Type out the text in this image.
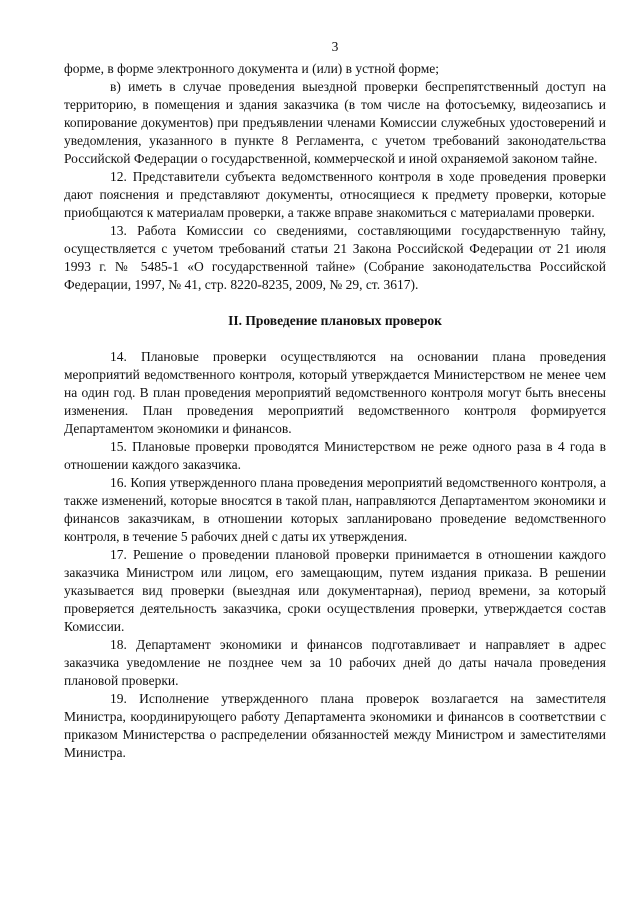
3

форме, в форме электронного документа и (или) в устной форме;

в) иметь в случае проведения выездной проверки беспрепятственный доступ на территорию, в помещения и здания заказчика (в том числе на фотосъемку, видеозапись и копирование документов) при предъявлении членами Комиссии служебных удостоверений и уведомления, указанного в пункте 8 Регламента, с учетом требований законодательства Российской Федерации о государственной, коммерческой и иной охраняемой законом тайне.

12. Представители субъекта ведомственного контроля в ходе проведения проверки дают пояснения и представляют документы, относящиеся к предмету проверки, которые приобщаются к материалам проверки, а также вправе знакомиться с материалами проверки.

13. Работа Комиссии со сведениями, составляющими государственную тайну, осуществляется с учетом требований статьи 21 Закона Российской Федерации от 21 июля 1993 г. № 5485-1 «О государственной тайне» (Собрание законодательства Российской Федерации, 1997, № 41, стр. 8220-8235, 2009, № 29, ст. 3617).

II. Проведение плановых проверок

14. Плановые проверки осуществляются на основании плана проведения мероприятий ведомственного контроля, который утверждается Министерством не менее чем на один год. В план проведения мероприятий ведомственного контроля могут быть внесены изменения. План проведения мероприятий ведомственного контроля формируется Департаментом экономики и финансов.

15. Плановые проверки проводятся Министерством не реже одного раза в 4 года в отношении каждого заказчика.

16. Копия утвержденного плана проведения мероприятий ведомственного контроля, а также изменений, которые вносятся в такой план, направляются Департаментом экономики и финансов заказчикам, в отношении которых запланировано проведение ведомственного контроля, в течение 5 рабочих дней с даты их утверждения.

17. Решение о проведении плановой проверки принимается в отношении каждого заказчика Министром или лицом, его замещающим, путем издания приказа. В решении указывается вид проверки (выездная или документарная), период времени, за который проверяется деятельность заказчика, сроки осуществления проверки, утверждается состав Комиссии.

18. Департамент экономики и финансов подготавливает и направляет в адрес заказчика уведомление не позднее чем за 10 рабочих дней до даты начала проведения плановой проверки.

19. Исполнение утвержденного плана проверок возлагается на заместителя Министра, координирующего работу Департамента экономики и финансов в соответствии с приказом Министерства о распределении обязанностей между Министром и заместителями Министра.
